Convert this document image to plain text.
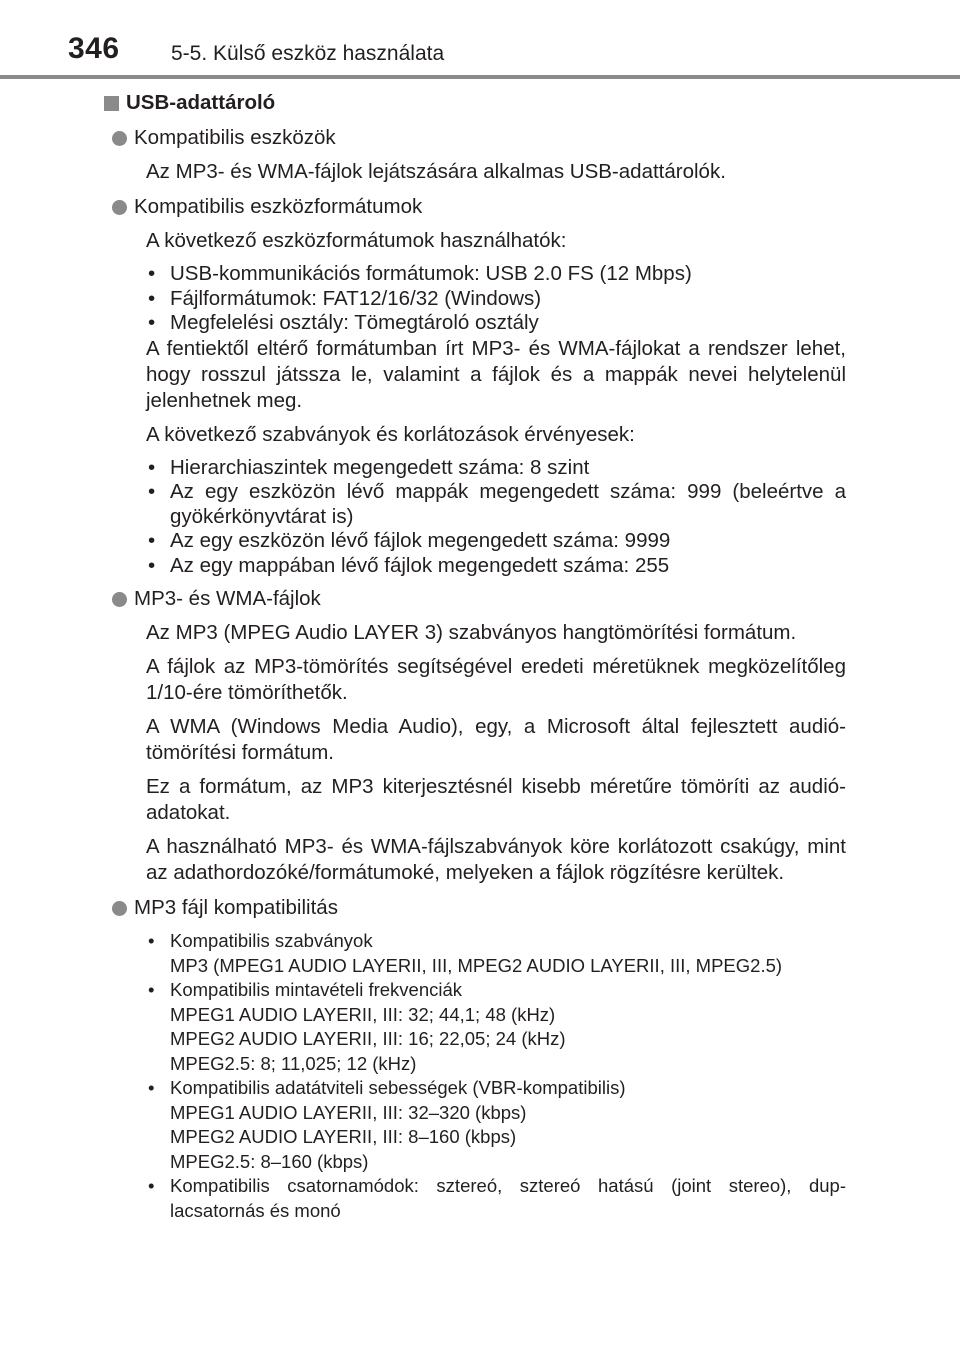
346 5-5. Külső eszköz használata
USB-adattároló
Kompatibilis eszközök

Az MP3- és WMA-fájlok lejátszására alkalmas USB-adattárolók.

Kompatibilis eszközformátumok

A következő eszközformátumok használhatók:

• USB-kommunikációs formátumok: USB 2.0 FS (12 Mbps)
• Fájlformátumok: FAT12/16/32 (Windows)
• Megfelelési osztály: Tömegtároló osztály

A fentiektől eltérő formátumban írt MP3- és WMA-fájlokat a rendszer lehet, hogy rosszul játssza le, valamint a fájlok és a mappák nevei helytelenül jelenhetnek meg.

A következő szabványok és korlátozások érvényesek:

• Hierarchiaszintek megengedett száma: 8 szint
• Az egy eszközön lévő mappák megengedett száma: 999 (beleértve a gyökérkönyvtárat is)
• Az egy eszközön lévő fájlok megengedett száma: 9999
• Az egy mappában lévő fájlok megengedett száma: 255
MP3- és WMA-fájlok

Az MP3 (MPEG Audio LAYER 3) szabványos hangtömörítési formátum.

A fájlok az MP3-tömörítés segítségével eredeti méretüknek megközelítőleg 1/10-ére tömöríthetők.

A WMA (Windows Media Audio), egy, a Microsoft által fejlesztett audió-tömörítési formátum.

Ez a formátum, az MP3 kiterjesztésnél kisebb méretűre tömöríti az audió-adatokat.

A használható MP3- és WMA-fájlszabványok köre korlátozott csakúgy, mint az adathordozóké/formátumoké, melyeken a fájlok rögzítésre kerültek.

MP3 fájl kompatibilitás
• Kompatibilis szabványok
MP3 (MPEG1 AUDIO LAYERII, III, MPEG2 AUDIO LAYERII, III, MPEG2.5)
• Kompatibilis mintavételi frekvenciák
MPEG1 AUDIO LAYERII, III: 32; 44,1; 48 (kHz)
MPEG2 AUDIO LAYERII, III: 16; 22,05; 24 (kHz)
MPEG2.5: 8; 11,025; 12 (kHz)
• Kompatibilis adatátviteli sebességek (VBR-kompatibilis)
MPEG1 AUDIO LAYERII, III: 32–320 (kbps)
MPEG2 AUDIO LAYERII, III: 8–160 (kbps)
MPEG2.5: 8–160 (kbps)
• Kompatibilis csatornamódok: sztereó, sztereó hatású (joint stereo), dup-lacsatornás és monó
